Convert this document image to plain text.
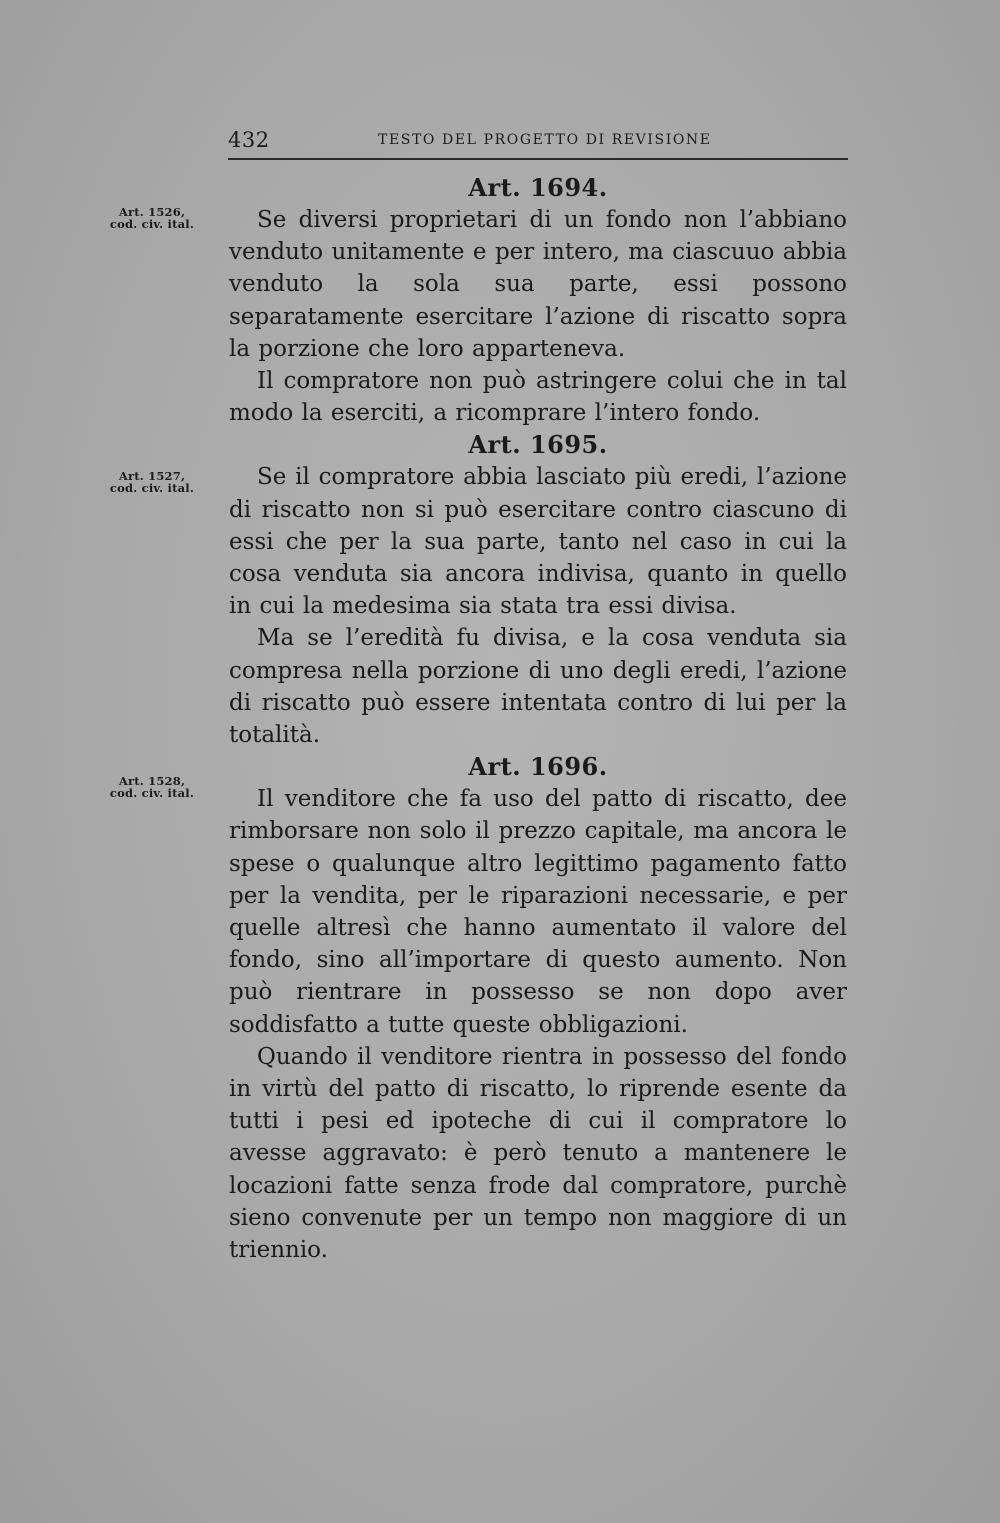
432	TESTO DEL PROGETTO DI REVISIONE
Art. 1526,
cod. civ. ital.
Art. 1527,
cod. civ. ital.
Art. 1528,
cod. civ. ital.
Art. 1694.

Se diversi proprietari di un fondo non l’abbiano venduto unitamente e per intero, ma ciascuuo abbia venduto la sola sua parte, essi possono separatamente esercitare l’azione di riscatto sopra la porzione che loro apparteneva.

Il compratore non può astringere colui che in tal modo la eserciti, a ricomprare l’intero fondo.

Art. 1695.

Se il compratore abbia lasciato più eredi, l’azione di riscatto non si può esercitare contro ciascuno di essi che per la sua parte, tanto nel caso in cui la cosa venduta sia ancora indivisa, quanto in quello in cui la medesima sia stata tra essi divisa.

Ma se l’eredità fu divisa, e la cosa venduta sia compresa nella porzione di uno degli eredi, l’azione di riscatto può essere intentata contro di lui per la totalità.

Art. 1696.

Il venditore che fa uso del patto di riscatto, dee rimborsare non solo il prezzo capitale, ma ancora le spese o qualunque altro legittimo pagamento fatto per la vendita, per le riparazioni necessarie, e per quelle altresì che hanno aumentato il valore del fondo, sino all’importare di questo aumento. Non può rientrare in possesso se non dopo aver soddisfatto a tutte queste obbligazioni.

Quando il venditore rientra in possesso del fondo in virtù del patto di riscatto, lo riprende esente da tutti i pesi ed ipoteche di cui il compratore lo avesse aggravato: è però tenuto a mantenere le locazioni fatte senza frode dal compratore, purchè sieno convenute per un tempo non maggiore di un triennio.
